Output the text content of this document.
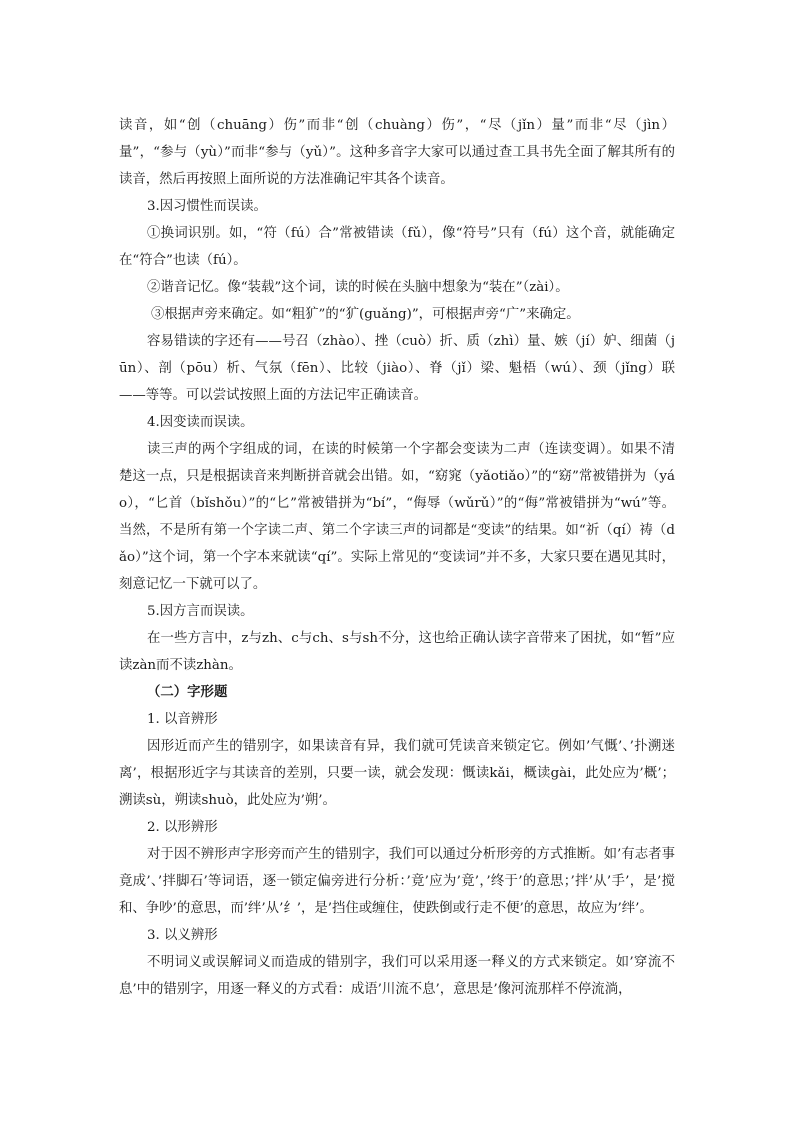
读音，如“创（chuāng）伤”而非“创（chuàng）伤”，“尽（jǐn）量”而非“尽（jìn）量”，“参与（yù）”而非“参与（yǔ）”。这种多音字大家可以通过查工具书先全面了解其所有的读音，然后再按照上面所说的方法准确记牢其各个读音。

3.因习惯性而误读。

①换词识别。如，“符（fú）合”常被错读（fǔ），像“符号”只有（fú）这个音，就能确定在“符合”也读（fú）。

②谐音记忆。像“装载”这个词，读的时候在头脑中想象为“装在”（zài）。

③根据声旁来确定。如“粗犷”的“犷(guǎng)”，可根据声旁“广”来确定。

容易错读的字还有——号召（zhào）、挫（cuò）折、质（zhì）量、嫉（jí）妒、细菌（jūn）、剖（pōu）析、气氛（fēn）、比较（jiào）、脊（jǐ）梁、魁梧（wú）、颈（jǐng）联——等等。可以尝试按照上面的方法记牢正确读音。

4.因变读而误读。

读三声的两个字组成的词，在读的时候第一个字都会变读为二声（连读变调）。如果不清楚这一点，只是根据读音来判断拼音就会出错。如，“窈窕（yǎotiǎo）”的“窈”常被错拼为（yáo），“匕首（bǐshǒu）”的“匕”常被错拼为“bí”，“侮辱（wǔrǔ）”的“侮”常被错拼为“wú”等。当然，不是所有第一个字读二声、第二个字读三声的词都是“变读”的结果。如“祈（qí）祷（dǎo）”这个词，第一个字本来就读“qí”。实际上常见的“变读词”并不多，大家只要在遇见其时，刻意记忆一下就可以了。

5.因方言而误读。

在一些方言中，z与zh、c与ch、s与sh不分，这也给正确认读字音带来了困扰，如“暂”应读zàn而不读zhàn。

（二）字形题

1. 以音辨形

因形近而产生的错别字，如果读音有异，我们就可凭读音来锁定它。例如’气慨’、’扑溯迷离’，根据形近字与其读音的差别，只要一读，就会发现：慨读kǎi，概读gài，此处应为’概’；溯读sù，朔读shuò，此处应为’朔’。

2. 以形辨形

对于因不辨形声字形旁而产生的错别字，我们可以通过分析形旁的方式推断。如’有志者事竟成’、’拌脚石’等词语，逐一锁定偏旁进行分析：’竟’应为’竟’，’终于’的意思；’拌’从’手’，是’搅和、争吵’的意思，而’绊’从’纟’，是’挡住或缠住，使跌倒或行走不便’的意思，故应为’绊’。

3. 以义辨形

不明词义或误解词义而造成的错别字，我们可以采用逐一释义的方式来锁定。如’穿流不息’中的错别字，用逐一释义的方式看：成语’川流不息’，意思是’像河流那样不停流淌，
